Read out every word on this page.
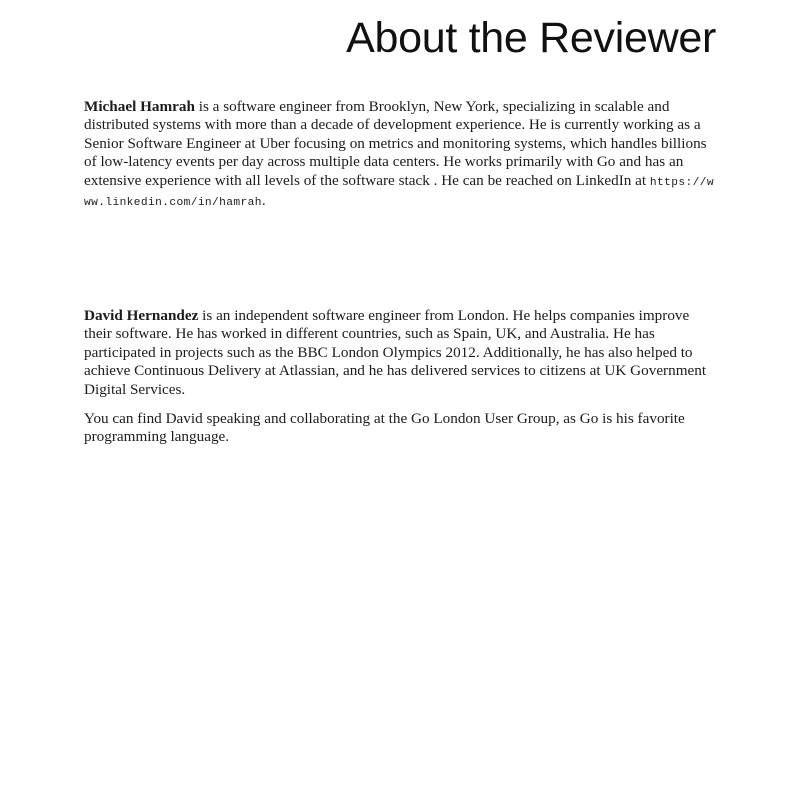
About the Reviewer

Michael Hamrah is a software engineer from Brooklyn, New York, specializing in scalable and distributed systems with more than a decade of development experience. He is currently working as a Senior Software Engineer at Uber focusing on metrics and monitoring systems, which handles billions of low-latency events per day across multiple data centers. He works primarily with Go and has an extensive experience with all levels of the software stack . He can be reached on LinkedIn at https://www.linkedin.com/in/hamrah.

David Hernandez is an independent software engineer from London. He helps companies improve their software. He has worked in different countries, such as Spain, UK, and Australia. He has participated in projects such as the BBC London Olympics 2012. Additionally, he has also helped to achieve Continuous Delivery at Atlassian, and he has delivered services to citizens at UK Government Digital Services.

You can find David speaking and collaborating at the Go London User Group, as Go is his favorite programming language.
